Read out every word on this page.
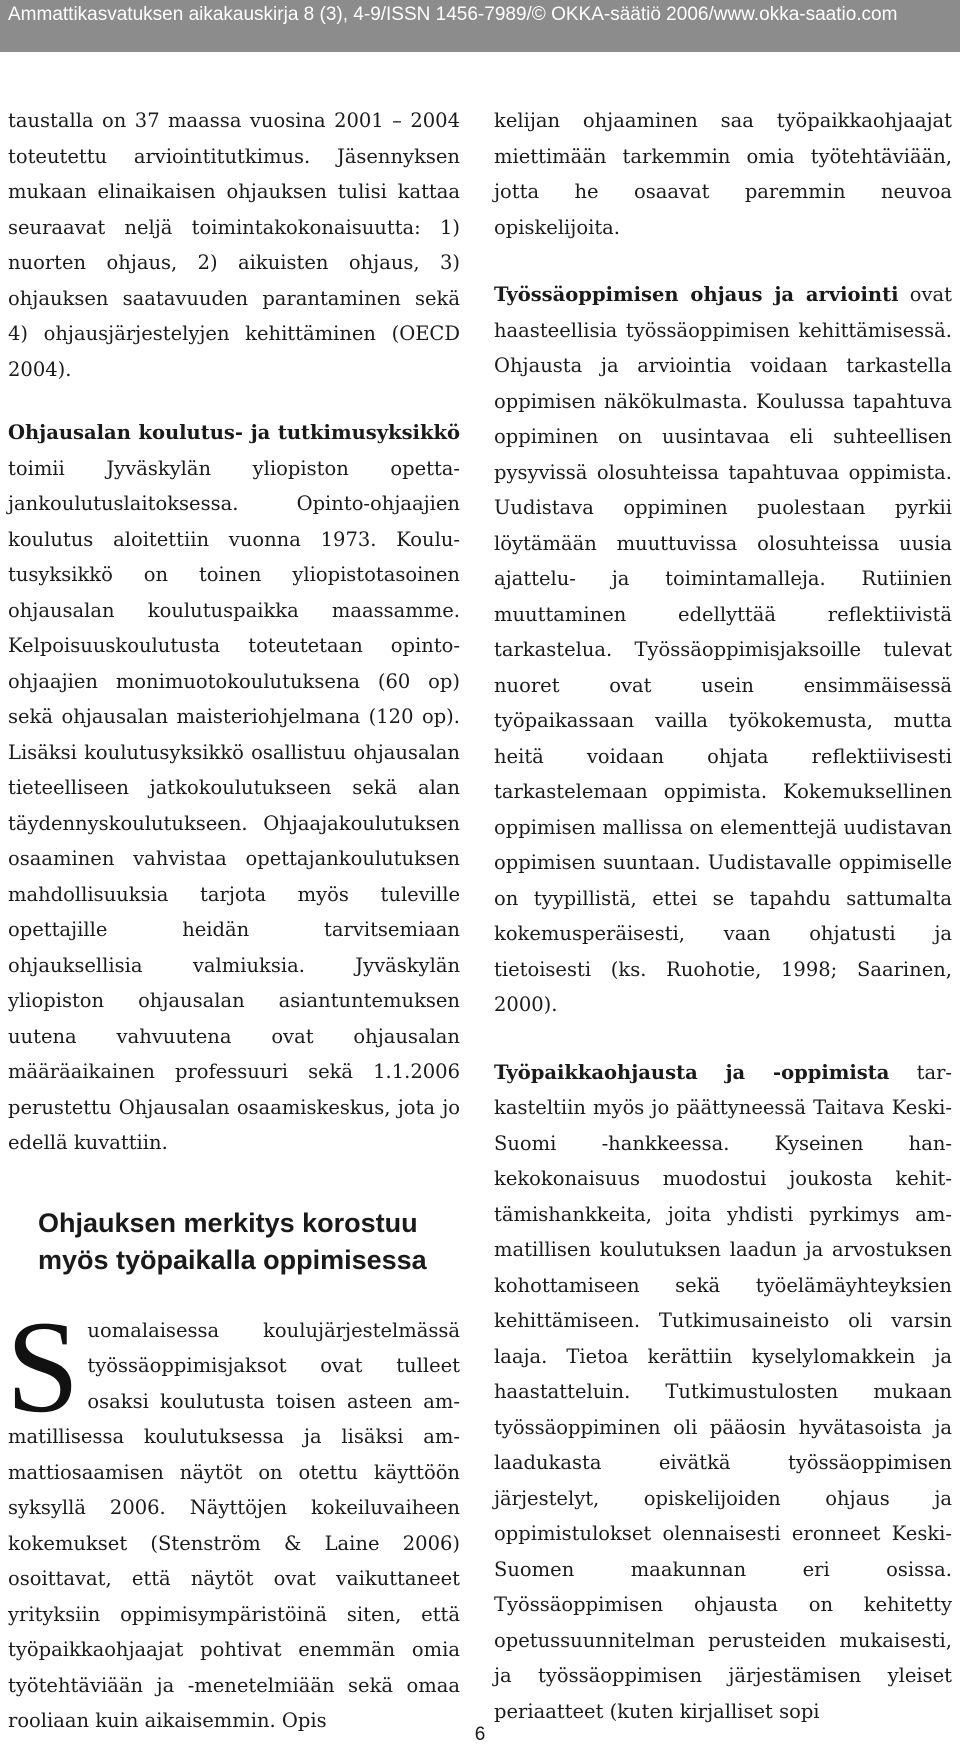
Ammattikasvatuksen aikakauskirja 8 (3), 4-9/ISSN 1456-7989/© OKKA-säätiö 2006/www.okka-saatio.com

taustalla on 37 maassa vuosina 2001 – 2004 toteutettu arviointitutkimus. Jäsennyksen mukaan elinaikaisen ohjauksen tulisi kattaa seuraavat neljä toimintakokonaisuutta: 1) nuorten ohjaus, 2) aikuisten ohjaus, 3) ohjauksen saatavuuden parantaminen sekä 4) ohjausjärjestelyjen kehittäminen (OECD 2004).

Ohjausalan koulutus- ja tutkimusyksikkö toimii Jyväskylän yliopiston opettajankoulutuslaitoksessa. Opinto-ohjaajien koulutus aloitettiin vuonna 1973. Koulutusyksikkö on toinen yliopistotasoinen ohjausalan koulutuspaikka maassamme. Kelpoisuuskoulutusta toteutetaan opinto-ohjaajien monimuotokoulutuksena (60 op) sekä ohjausalan maisteriohjelmana (120 op). Lisäksi koulutusyksikkö osallistuu ohjausalan tieteelliseen jatkokoulutukseen sekä alan täydennyskoulutukseen. Ohjaajakoulutuksen osaaminen vahvistaa opettajankoulutuksen mahdollisuuksia tarjota myös tuleville opettajille heidän tarvitsemiaan ohjauksellisia valmiuksia. Jyväskylän yliopiston ohjausalan asiantuntemuksen uutena vahvuutena ovat ohjausalan määräaikainen professuuri sekä 1.1.2006 perustettu Ohjausalan osaamiskeskus, jota jo edellä kuvattiin.

Ohjauksen merkitys korostuu
myös työpaikalla oppimisessa

Suomalaisessa koulujärjestelmässä työssäoppimisjaksot ovat tulleet osaksi koulutusta toisen asteen ammatillisessa koulutuksessa ja lisäksi ammattiosaamisen näytöt on otettu käyttöön syksyllä 2006. Näyttöjen kokeiluvaiheen kokemukset (Stenström & Laine 2006) osoittavat, että näytöt ovat vaikuttaneet yrityksiin oppimisympäristöinä siten, että työpaikkaohjaajat pohtivat enemmän omia työtehtäviään ja -menetelmiään sekä omaa rooliaan kuin aikaisemmin. Opis

kelijan ohjaaminen saa työpaikkaohjaajat miettimään tarkemmin omia työtehtäviään, jotta he osaavat paremmin neuvoa opiskelijoita.

Työssäoppimisen ohjaus ja arviointi ovat haasteellisia työssäoppimisen kehittämisessä. Ohjausta ja arviointia voidaan tarkastella oppimisen näkökulmasta. Koulussa tapahtuva oppiminen on uusintavaa eli suhteellisen pysyvissä olosuhteissa tapahtuvaa oppimista. Uudistava oppiminen puolestaan pyrkii löytämään muuttuvissa olosuhteissa uusia ajattelu- ja toimintamalleja. Rutiinien muuttaminen edellyttää reflektiivistä tarkastelua. Työssäoppimisjaksoille tulevat nuoret ovat usein ensimmäisessä työpaikassaan vailla työkokemusta, mutta heitä voidaan ohjata reflektiivisesti tarkastelemaan oppimista. Kokemuksellinen oppimisen mallissa on elementtejä uudistavan oppimisen suuntaan. Uudistavalle oppimiselle on tyypillistä, ettei se tapahdu sattumalta kokemusperäisesti, vaan ohjatusti ja tietoisesti (ks. Ruohotie, 1998; Saarinen, 2000).

Työpaikkaohjausta ja -oppimista tarkasteltiin myös jo päättyneessä Taitava Keski-Suomi -hankkeessa. Kyseinen hankekokonaisuus muodostui joukosta kehittämishankkeita, joita yhdisti pyrkimys ammatillisen koulutuksen laadun ja arvostuksen kohottamiseen sekä työelämäyhteyksien kehittämiseen. Tutkimusaineisto oli varsin laaja. Tietoa kerättiin kyselylomakkein ja haastatteluin. Tutkimustulosten mukaan työssäoppiminen oli pääosin hyvätasoista ja laadukasta eivätkä työssäoppimisen järjestelyt, opiskelijoiden ohjaus ja oppimistulokset olennaisesti eronneet Keski-Suomen maakunnan eri osissa. Työssäoppimisen ohjausta on kehitetty opetussuunnitelman perusteiden mukaisesti, ja työssäoppimisen järjestämisen yleiset periaatteet (kuten kirjalliset sopi

6
